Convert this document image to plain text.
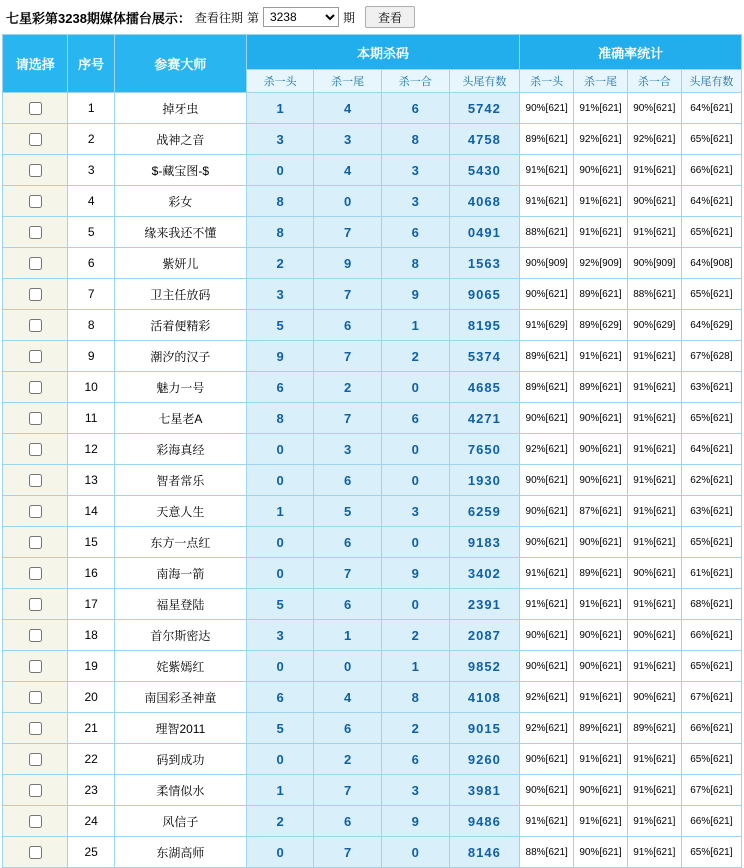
七星彩第3238期媒体擂台展示： 查看往期 第
3238	期	查看
请选择	序号	参赛大师	本期杀码				准确率统计			
			杀一头	杀一尾	杀一合	头尾有数	杀一头	杀一尾	杀一合	头尾有数
	1	掉牙虫	1	4	6	5742	90%[621]	91%[621]	90%[621]	64%[621]
	2	战神之音	3	3	8	4758	89%[621]	92%[621]	92%[621]	65%[621]
	3	$-藏宝图-$	0	4	3	5430	91%[621]	90%[621]	91%[621]	66%[621]
	4	彩女	8	0	3	4068	91%[621]	91%[621]	90%[621]	64%[621]
	5	缘来我还不懂	8	7	6	0491	88%[621]	91%[621]	91%[621]	65%[621]
	6	紫妍儿	2	9	8	1563	90%[909]	92%[909]	90%[909]	64%[908]
	7	卫主任放码	3	7	9	9065	90%[621]	89%[621]	88%[621]	65%[621]
	8	活着便精彩	5	6	1	8195	91%[629]	89%[629]	90%[629]	64%[629]
	9	潮汐的汉子	9	7	2	5374	89%[621]	91%[621]	91%[621]	67%[628]
	10	魅力一号	6	2	0	4685	89%[621]	89%[621]	91%[621]	63%[621]
	11	七星老A	8	7	6	4271	90%[621]	90%[621]	91%[621]	65%[621]
	12	彩海真经	0	3	0	7650	92%[621]	90%[621]	91%[621]	64%[621]
	13	智者常乐	0	6	0	1930	90%[621]	90%[621]	91%[621]	62%[621]
	14	天意人生	1	5	3	6259	90%[621]	87%[621]	91%[621]	63%[621]
	15	东方一点红	0	6	0	9183	90%[621]	90%[621]	91%[621]	65%[621]
	16	南海一箭	0	7	9	3402	91%[621]	89%[621]	90%[621]	61%[621]
	17	福星登陆	5	6	0	2391	91%[621]	91%[621]	91%[621]	68%[621]
	18	首尔斯密达	3	1	2	2087	90%[621]	90%[621]	90%[621]	66%[621]
	19	姹紫嫣红	0	0	1	9852	90%[621]	90%[621]	91%[621]	65%[621]
	20	南国彩圣神童	6	4	8	4108	92%[621]	91%[621]	90%[621]	67%[621]
	21	理智2011	5	6	2	9015	92%[621]	89%[621]	89%[621]	66%[621]
	22	码到成功	0	2	6	9260	90%[621]	91%[621]	91%[621]	65%[621]
	23	柔情似水	1	7	3	3981	90%[621]	90%[621]	91%[621]	67%[621]
	24	风信子	2	6	9	9486	91%[621]	91%[621]	91%[621]	66%[621]
	25	东湖高师	0	7	0	8146	88%[621]	90%[621]	91%[621]	65%[621]
